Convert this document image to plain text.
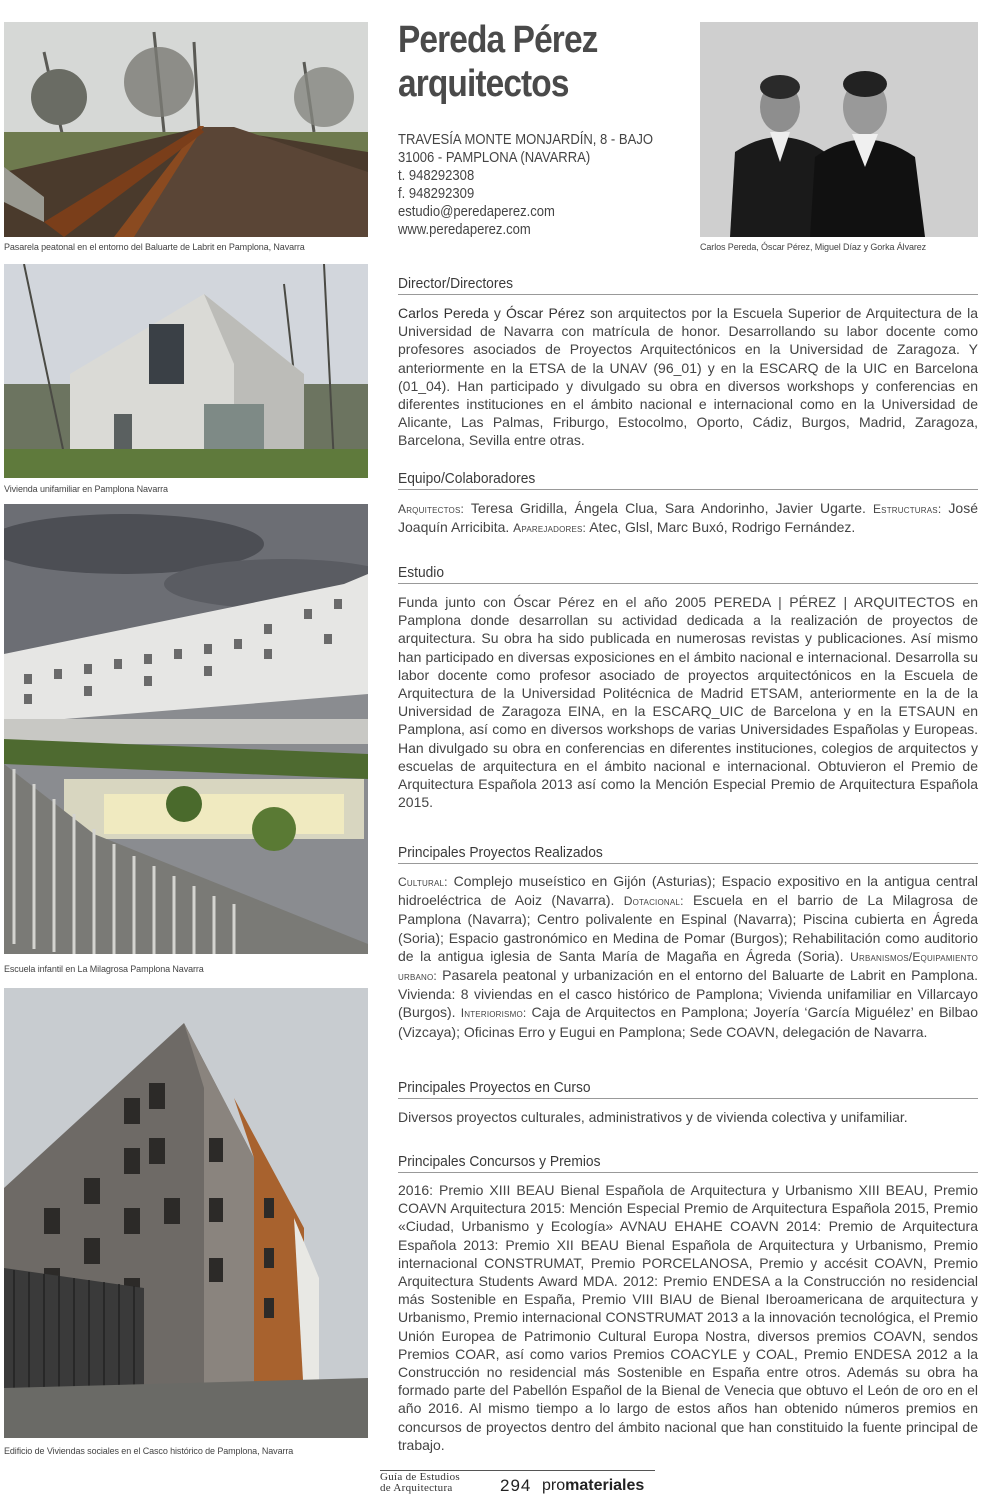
Pasarela peatonal en el entorno del Baluarte de Labrit en Pamplona, Navarra	Carlos Pereda, Óscar Pérez, Miguel Díaz y Gorka Álvarez
Vivienda unifamiliar en Pamplona Navarra
Escuela infantil en La Milagrosa Pamplona Navarra
Edificio de Viviendas sociales en el Casco histórico de Pamplona, Navarra
Pereda Pérez
arquitectos
TRAVESÍA MONTE MONJARDÍN, 8 - BAJO
31006 - PAMPLONA (NAVARRA)
t. 948292308
f. 948292309
estudio@peredaperez.com
www.peredaperez.com
Director/Directores
Carlos Pereda y Óscar Pérez son arquitectos por la Escuela Superior de Arquitectura de la Universidad de Navarra con matrícula de honor. Desarrollando su labor docente como profesores asociados de Proyectos Arquitectónicos en la Universidad de Zaragoza. Y anteriormente en la ETSA de la UNAV (96_01) y en la ESCARQ de la UIC en Barcelona (01_04). Han participado y divulgado su obra en diversos workshops y conferencias en diferentes instituciones en el ámbito nacional e internacional como en la Universidad de Alicante, Las Palmas, Friburgo, Estocolmo, Oporto, Cádiz, Burgos, Madrid, Zaragoza, Barcelona, Sevilla entre otras.
Equipo/Colaboradores
Arquitectos: Teresa Gridilla, Ángela Clua, Sara Andorinho, Javier Ugarte. Estructuras: José Joaquín Arricibita. Aparejadores: Atec, Glsl, Marc Buxó, Rodrigo Fernández.
Estudio
Funda junto con Óscar Pérez en el año 2005 PEREDA | PÉREZ | ARQUITECTOS en Pamplona donde desarrollan su actividad dedicada a la realización de proyectos de arquitectura. Su obra ha sido publicada en numerosas revistas y publicaciones. Así mismo han participado en diversas exposiciones en el ámbito nacional e internacional. Desarrolla su labor docente como profesor asociado de proyectos arquitectónicos en la Escuela de Arquitectura de la Universidad Politécnica de Madrid ETSAM, anteriormente en la de la Universidad de Zaragoza EINA, en la ESCARQ_UIC de Barcelona y en la ETSAUN en Pamplona, así como en diversos workshops de varias Universidades Españolas y Europeas. Han divulgado su obra en conferencias en diferentes instituciones, colegios de arquitectos y escuelas de arquitectura en el ámbito nacional e internacional. Obtuvieron el Premio de Arquitectura Española 2013 así como la Mención Especial Premio de Arquitectura Española 2015.
Principales Proyectos Realizados
Cultural: Complejo museístico en Gijón (Asturias); Espacio expositivo en la antigua central hidroeléctrica de Aoiz (Navarra). Dotacional: Escuela en el barrio de La Milagrosa de Pamplona (Navarra); Centro polivalente en Espinal (Navarra); Piscina cubierta en Ágreda (Soria); Espacio gastronómico en Medina de Pomar (Burgos); Rehabilitación como auditorio de la antigua iglesia de Santa María de Magaña en Ágreda (Soria). Urbanismos/Equipamiento urbano: Pasarela peatonal y urbanización en el entorno del Baluarte de Labrit en Pamplona. Vivienda: 8 viviendas en el casco histórico de Pamplona; Vivienda unifamiliar en Villarcayo (Burgos). Interiorismo: Caja de Arquitectos en Pamplona; Joyería ‘García Miguélez’ en Bilbao (Vizcaya); Oficinas Erro y Eugui en Pamplona; Sede COAVN, delegación de Navarra.
Principales Proyectos en Curso
Diversos proyectos culturales, administrativos y de vivienda colectiva y unifamiliar.
Principales Concursos y Premios
2016: Premio XIII BEAU Bienal Española de Arquitectura y Urbanismo XIII BEAU, Premio COAVN Arquitectura 2015: Mención Especial Premio de Arquitectura Española 2015, Premio «Ciudad, Urbanismo y Ecología» AVNAU EHAHE COAVN 2014: Premio de Arquitectura Española 2013: Premio XII BEAU Bienal Española de Arquitectura y Urbanismo, Premio internacional CONSTRUMAT, Premio PORCELANOSA, Premio y accésit COAVN, Premio Arquitectura Students Award MDA. 2012: Premio ENDESA a la Construcción no residencial más Sostenible en España, Premio VIII BIAU de Bienal Iberoamericana de arquitectura y Urbanismo, Premio internacional CONSTRUMAT 2013 a la innovación tecnológica, el Premio Unión Europea de Patrimonio Cultural Europa Nostra, diversos premios COAVN, sendos Premios COAR, así como varios Premios COACYLE y COAL, Premio ENDESA 2012 a la Construcción no residencial más Sostenible en España entre otros. Además su obra ha formado parte del Pabellón Español de la Bienal de Venecia que obtuvo el León de oro en el año 2016. Al mismo tiempo a lo largo de estos años han obtenido números premios en concursos de proyectos dentro del ámbito nacional que han constituido la fuente principal de trabajo.
Guía de Estudios
de Arquitectura	294 promateriales
